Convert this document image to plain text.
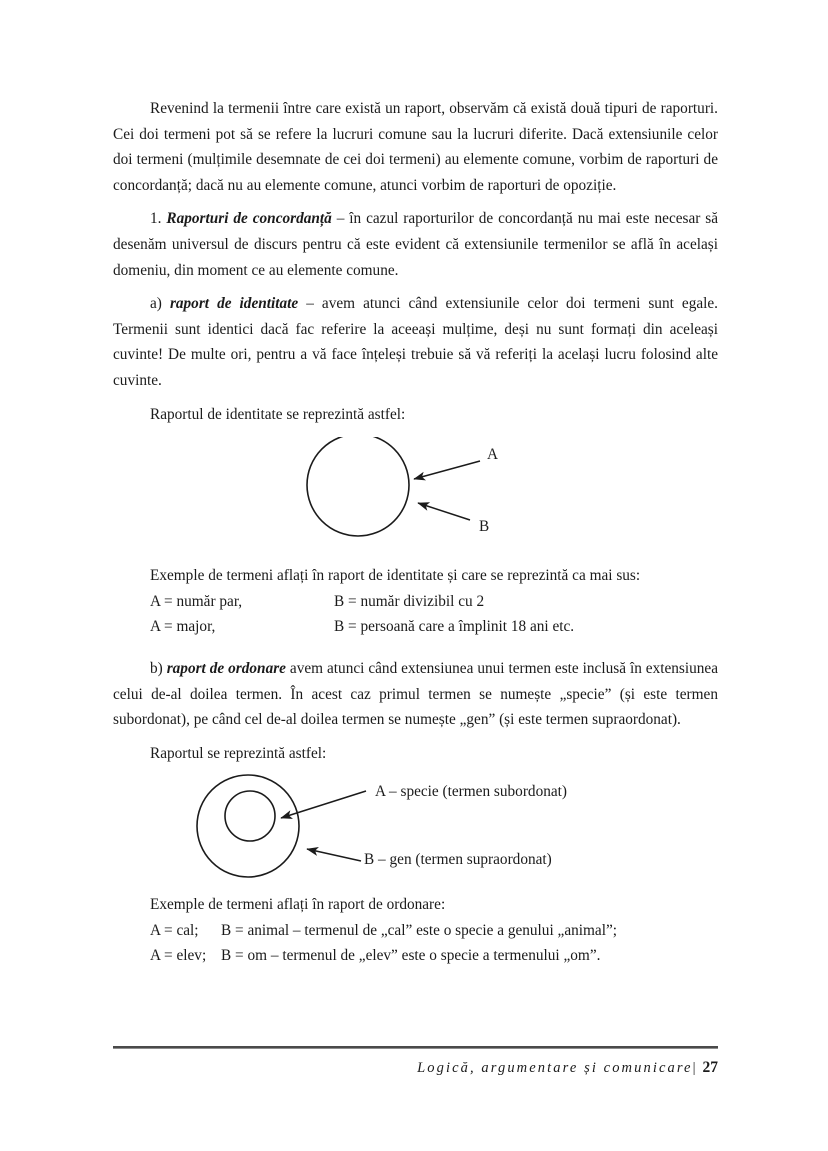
Revenind la termenii între care există un raport, observăm că există două tipuri de raporturi. Cei doi termeni pot să se refere la lucruri comune sau la lucruri diferite. Dacă extensiunile celor doi termeni (mulțimile desemnate de cei doi termeni) au elemente comune, vorbim de raporturi de concordanță; dacă nu au elemente comune, atunci vorbim de raporturi de opoziție.

1. Raporturi de concordanță – în cazul raporturilor de concordanță nu mai este necesar să desenăm universul de discurs pentru că este evident că extensiunile termenilor se află în același domeniu, din moment ce au elemente comune.

a) raport de identitate – avem atunci când extensiunile celor doi termeni sunt egale. Termenii sunt identici dacă fac referire la aceeași mulțime, deși nu sunt formați din aceleași cuvinte! De multe ori, pentru a vă face înțeleși trebuie să vă referiți la același lucru folosind alte cuvinte.

Raportul de identitate se reprezintă astfel:

A
B

Exemple de termeni aflați în raport de identitate și care se reprezintă ca mai sus:

A = număr par,	B = număr divizibil cu 2
A = major,	B = persoană care a împlinit 18 ani etc.

b) raport de ordonare avem atunci când extensiunea unui termen este inclusă în extensiunea celui de-al doilea termen. În acest caz primul termen se numește „specie” (și este termen subordonat), pe când cel de-al doilea termen se numește „gen” (și este termen supraordonat).

Raportul se reprezintă astfel:

A – specie (termen subordonat)
B – gen (termen supraordonat)

Exemple de termeni aflați în raport de ordonare:

A = cal;	B = animal – termenul de „cal” este o specie a genului „animal”;
A = elev; B = om – termenul de „elev” este o specie a termenului „om”.
Logică, argumentare și comunicare| 27
